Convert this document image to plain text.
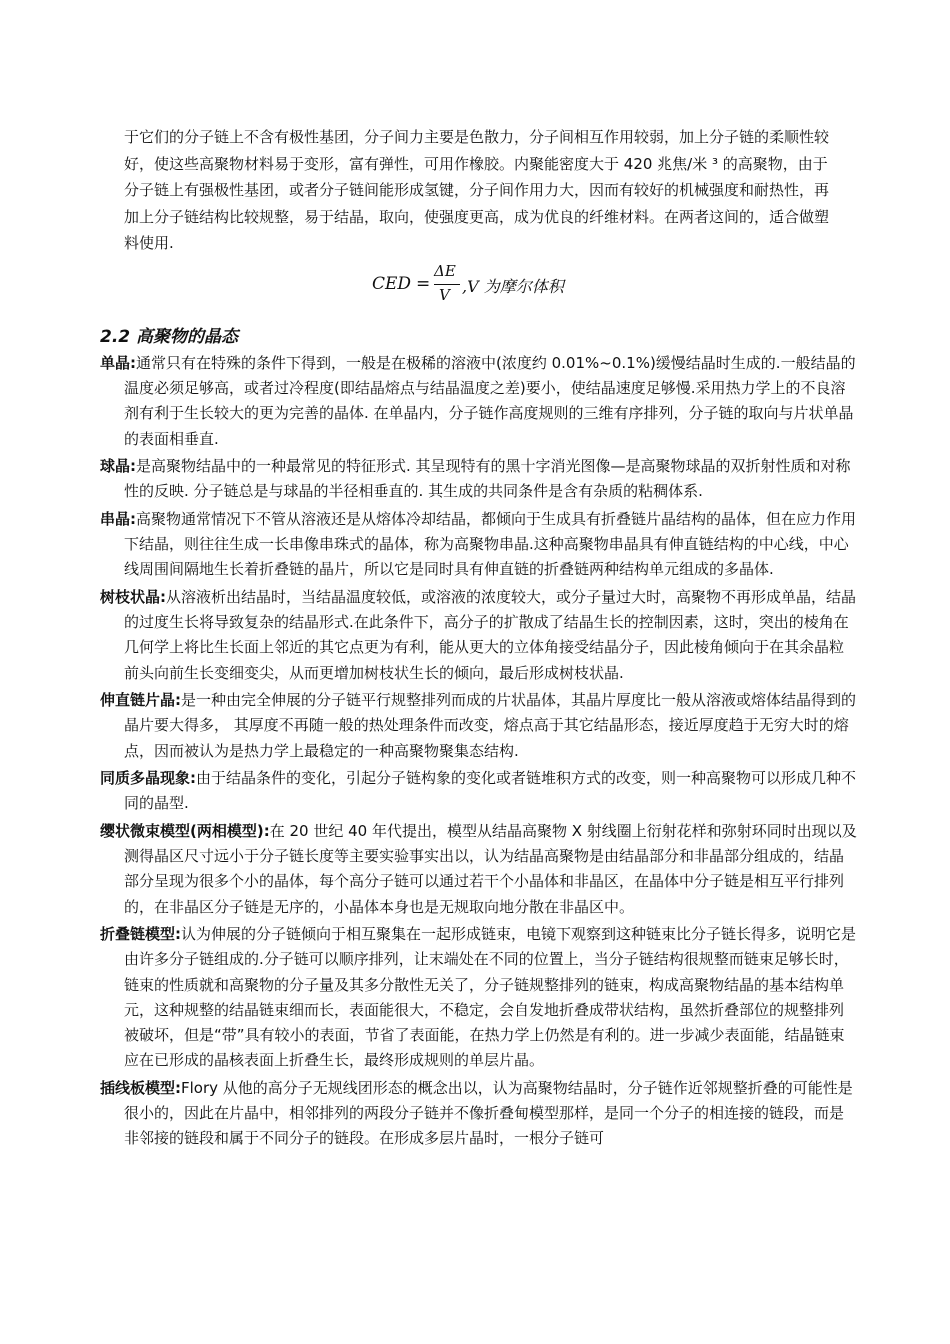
于它们的分子链上不含有极性基团，分子间力主要是色散力，分子间相互作用较弱，加上分子链的柔顺性较好，使这些高聚物材料易于变形，富有弹性，可用作橡胶。内聚能密度大于 420 兆焦/米 ³ 的高聚物，由于分子链上有强极性基团，或者分子链间能形成氢键，分子间作用力大，因而有较好的机械强度和耐热性，再加上分子链结构比较规整，易于结晶，取向，使强度更高，成为优良的纤维材料。在两者这间的，适合做塑料使用.

CED =
ΔE
V ,V 为摩尔体积
2.2 高聚物的晶态

单晶:通常只有在特殊的条件下得到，一般是在极稀的溶液中(浓度约 0.01%~0.1%)缓慢结晶时生成的.一般结晶的温度必须足够高，或者过冷程度(即结晶熔点与结晶温度之差)要小，使结晶速度足够慢.采用热力学上的不良溶剂有利于生长较大的更为完善的晶体. 在单晶内，分子链作高度规则的三维有序排列，分子链的取向与片状单晶的表面相垂直.

球晶:是高聚物结晶中的一种最常见的特征形式. 其呈现特有的黑十字消光图像—是高聚物球晶的双折射性质和对称性的反映. 分子链总是与球晶的半径相垂直的. 其生成的共同条件是含有杂质的粘稠体系.

串晶:高聚物通常情况下不管从溶液还是从熔体冷却结晶，都倾向于生成具有折叠链片晶结构的晶体，但在应力作用下结晶，则往往生成一长串像串珠式的晶体，称为高聚物串晶.这种高聚物串晶具有伸直链结构的中心线，中心线周围间隔地生长着折叠链的晶片，所以它是同时具有伸直链的折叠链两种结构单元组成的多晶体.

树枝状晶:从溶液析出结晶时，当结晶温度较低，或溶液的浓度较大，或分子量过大时，高聚物不再形成单晶，结晶的过度生长将导致复杂的结晶形式.在此条件下，高分子的扩散成了结晶生长的控制因素，这时，突出的棱角在几何学上将比生长面上邻近的其它点更为有利，能从更大的立体角接受结晶分子，因此棱角倾向于在其余晶粒前头向前生长变细变尖，从而更增加树枝状生长的倾向，最后形成树枝状晶.

伸直链片晶:是一种由完全伸展的分子链平行规整排列而成的片状晶体，其晶片厚度比一般从溶液或熔体结晶得到的晶片要大得多， 其厚度不再随一般的热处理条件而改变，熔点高于其它结晶形态，接近厚度趋于无穷大时的熔点，因而被认为是热力学上最稳定的一种高聚物聚集态结构.

同质多晶现象:由于结晶条件的变化，引起分子链构象的变化或者链堆积方式的改变，则一种高聚物可以形成几种不同的晶型.

缨状微束模型(两相模型):在 20 世纪 40 年代提出，模型从结晶高聚物 X 射线圈上衍射花样和弥射环同时出现以及测得晶区尺寸远小于分子链长度等主要实验事实出以，认为结晶高聚物是由结晶部分和非晶部分组成的，结晶部分呈现为很多个小的晶体，每个高分子链可以通过若干个小晶体和非晶区，在晶体中分子链是相互平行排列的，在非晶区分子链是无序的，小晶体本身也是无规取向地分散在非晶区中。

折叠链模型:认为伸展的分子链倾向于相互聚集在一起形成链束，电镜下观察到这种链束比分子链长得多，说明它是由许多分子链组成的.分子链可以顺序排列，让末端处在不同的位置上，当分子链结构很规整而链束足够长时，链束的性质就和高聚物的分子量及其多分散性无关了，分子链规整排列的链束，构成高聚物结晶的基本结构单元，这种规整的结晶链束细而长，表面能很大，不稳定，会自发地折叠成带状结构，虽然折叠部位的规整排列被破坏，但是“带”具有较小的表面，节省了表面能，在热力学上仍然是有利的。进一步减少表面能，结晶链束应在已形成的晶核表面上折叠生长，最终形成规则的单层片晶。

插线板模型:Flory 从他的高分子无规线团形态的概念出以，认为高聚物结晶时，分子链作近邻规整折叠的可能性是很小的，因此在片晶中，相邻排列的两段分子链并不像折叠甸模型那样，是同一个分子的相连接的链段，而是非邻接的链段和属于不同分子的链段。在形成多层片晶时，一根分子链可
